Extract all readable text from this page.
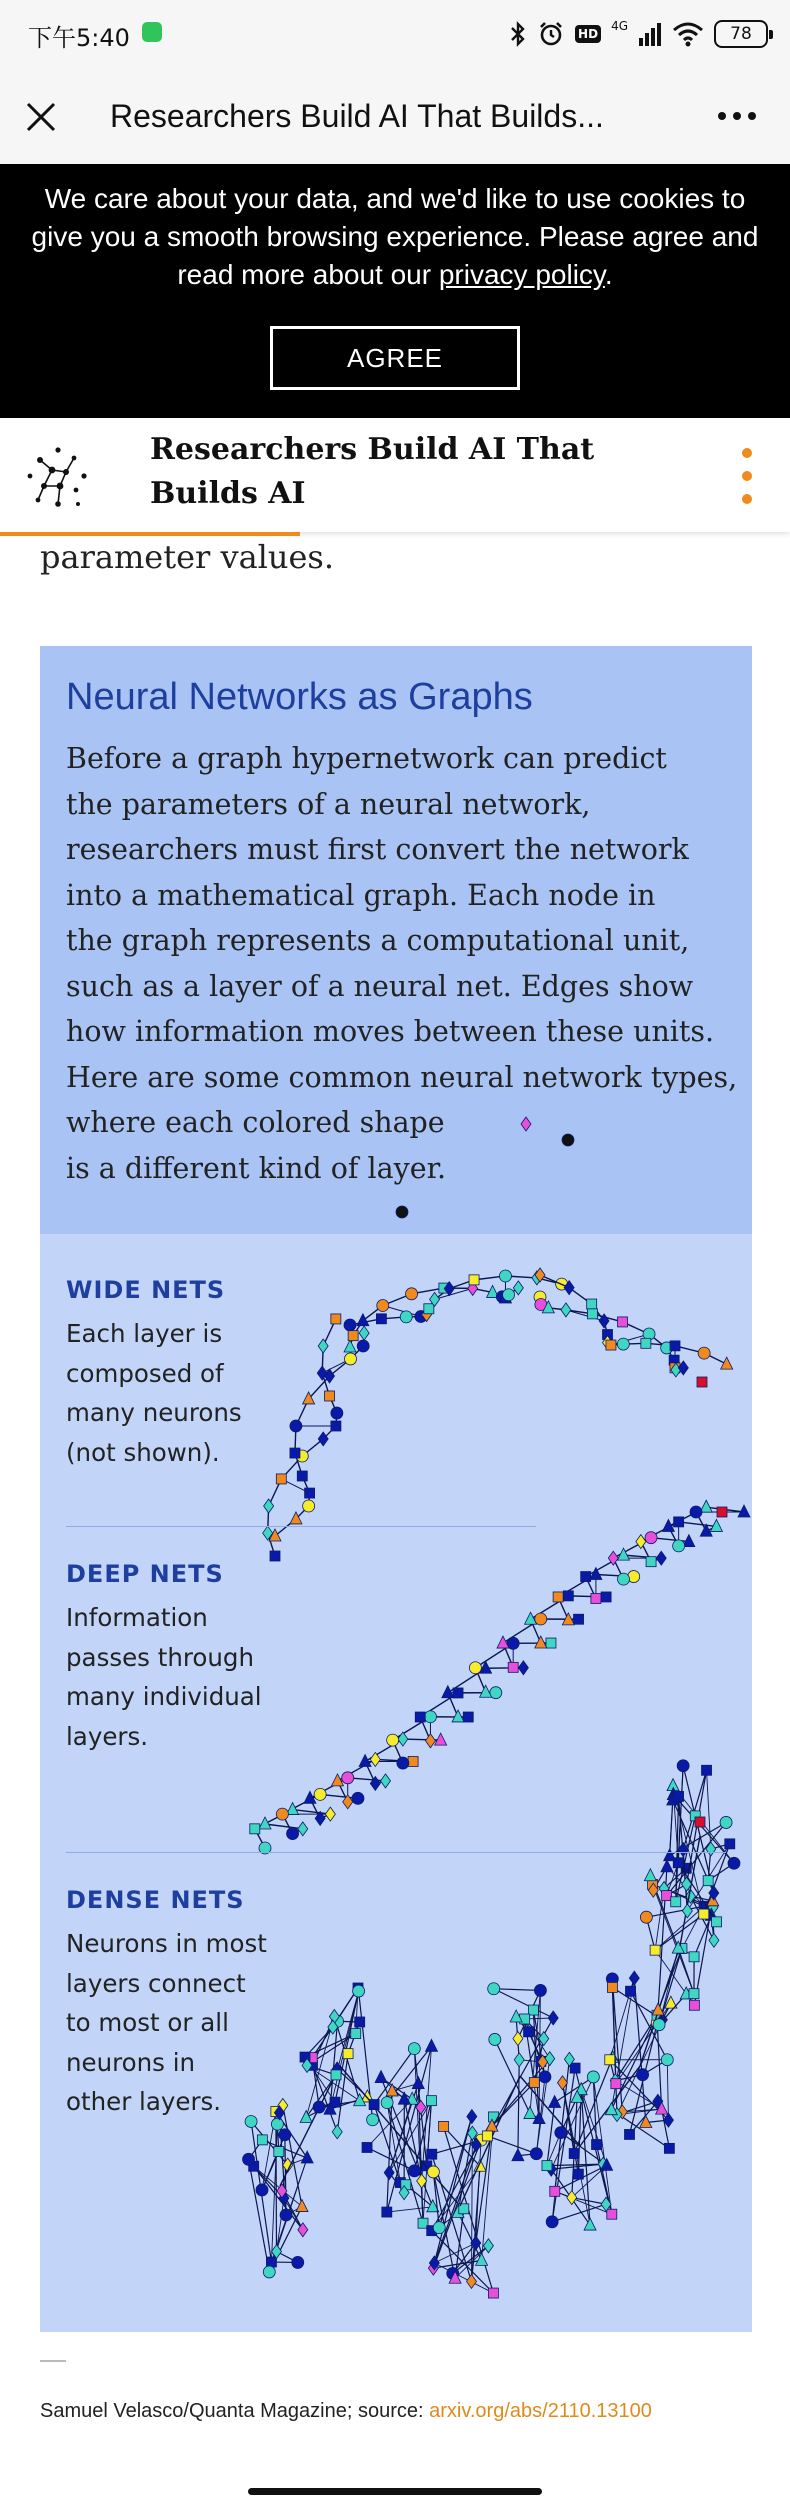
下午5:40	HD
4G	78
Researchers Build AI That Builds...
We care about your data, and we'd like to use cookies to give you a smooth browsing experience. Please agree and read more about our privacy policy.
AGREE
Researchers Build AI That Builds AI
parameter values.
Neural Networks as Graphs
Before a graph hypernetwork can predict
the parameters of a neural network,
researchers must first convert the network
into a mathematical graph. Each node in
the graph represents a computational unit,
such as a layer of a neural net. Edges show
how information moves between these units.
Here are some common neural network types,
where each colored shape
is a different kind of layer.
WIDE NETS
Each layer is
composed of
many neurons
(not shown).
DEEP NETS
Information
passes through
many individual
layers.
DENSE NETS
Neurons in most
layers connect
to most or all
neurons in
other layers.
Samuel Velasco/Quanta Magazine; source: arxiv.org/abs/2110.13100
